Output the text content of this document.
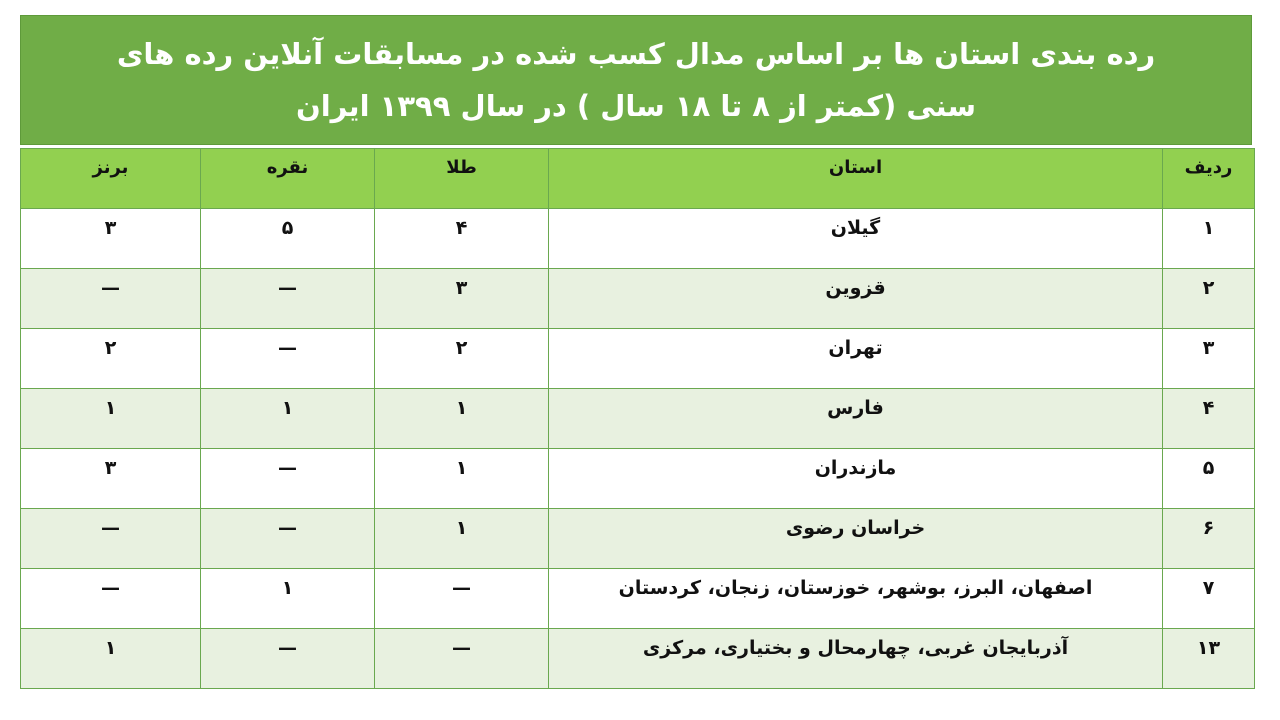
رده بندی استان ها بر اساس مدال کسب شده در مسابقات آنلاین رده های
سنی (کمتر از ۸ تا ۱۸ سال ) در سال ۱۳۹۹ ایران
ردیف	استان	طلا	نقره	برنز
۱	گیلان	۴	۵	۳
۲	قزوین	۳	—	—
۳	تهران	۲	—	۲
۴	فارس	۱	۱	۱
۵	مازندران	۱	—	۳
۶	خراسان رضوی	۱	—	—
۷	اصفهان، البرز، بوشهر، خوزستان، زنجان، کردستان	—	۱	—
۱۳	آذربایجان غربی، چهارمحال و بختیاری، مرکزی	—	—	۱
